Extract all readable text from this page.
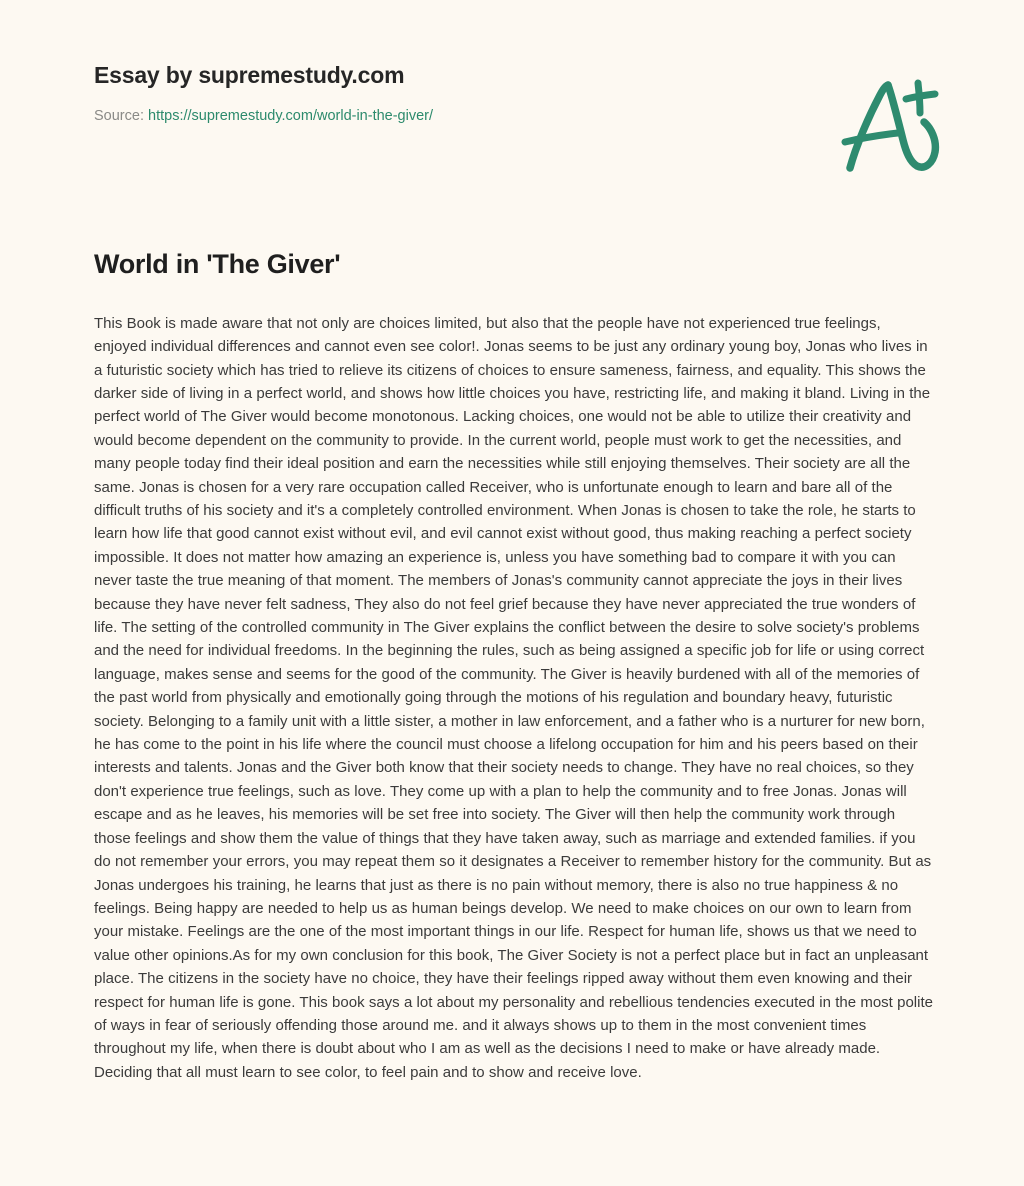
Essay by supremestudy.com
Source: https://supremestudy.com/world-in-the-giver/
World in 'The Giver'

This Book is made aware that not only are choices limited, but also that the people have not experienced true feelings, enjoyed individual differences and cannot even see color!. Jonas seems to be just any ordinary young boy, Jonas who lives in a futuristic society which has tried to relieve its citizens of choices to ensure sameness, fairness, and equality. This shows the darker side of living in a perfect world, and shows how little choices you have, restricting life, and making it bland. Living in the perfect world of The Giver would become monotonous. Lacking choices, one would not be able to utilize their creativity and would become dependent on the community to provide. In the current world, people must work to get the necessities, and many people today find their ideal position and earn the necessities while still enjoying themselves. Their society are all the same. Jonas is chosen for a very rare occupation called Receiver, who is unfortunate enough to learn and bare all of the difficult truths of his society and it's a completely controlled environment. When Jonas is chosen to take the role, he starts to learn how life that good cannot exist without evil, and evil cannot exist without good, thus making reaching a perfect society impossible. It does not matter how amazing an experience is, unless you have something bad to compare it with you can never taste the true meaning of that moment. The members of Jonas's community cannot appreciate the joys in their lives because they have never felt sadness, They also do not feel grief because they have never appreciated the true wonders of life. The setting of the controlled community in The Giver explains the conflict between the desire to solve society's problems and the need for individual freedoms. In the beginning the rules, such as being assigned a specific job for life or using correct language, makes sense and seems for the good of the community. The Giver is heavily burdened with all of the memories of the past world from physically and emotionally going through the motions of his regulation and boundary heavy, futuristic society. Belonging to a family unit with a little sister, a mother in law enforcement, and a father who is a nurturer for new born, he has come to the point in his life where the council must choose a lifelong occupation for him and his peers based on their interests and talents. Jonas and the Giver both know that their society needs to change. They have no real choices, so they don't experience true feelings, such as love. They come up with a plan to help the community and to free Jonas. Jonas will escape and as he leaves, his memories will be set free into society. The Giver will then help the community work through those feelings and show them the value of things that they have taken away, such as marriage and extended families. if you do not remember your errors, you may repeat them so it designates a Receiver to remember history for the community. But as Jonas undergoes his training, he learns that just as there is no pain without memory, there is also no true happiness & no feelings. Being happy are needed to help us as human beings develop. We need to make choices on our own to learn from your mistake. Feelings are the one of the most important things in our life. Respect for human life, shows us that we need to value other opinions.As for my own conclusion for this book, The Giver Society is not a perfect place but in fact an unpleasant place. The citizens in the society have no choice, they have their feelings ripped away without them even knowing and their respect for human life is gone. This book says a lot about my personality and rebellious tendencies executed in the most polite of ways in fear of seriously offending those around me. and it always shows up to them in the most convenient times throughout my life, when there is doubt about who I am as well as the decisions I need to make or have already made. Deciding that all must learn to see color, to feel pain and to show and receive love.
